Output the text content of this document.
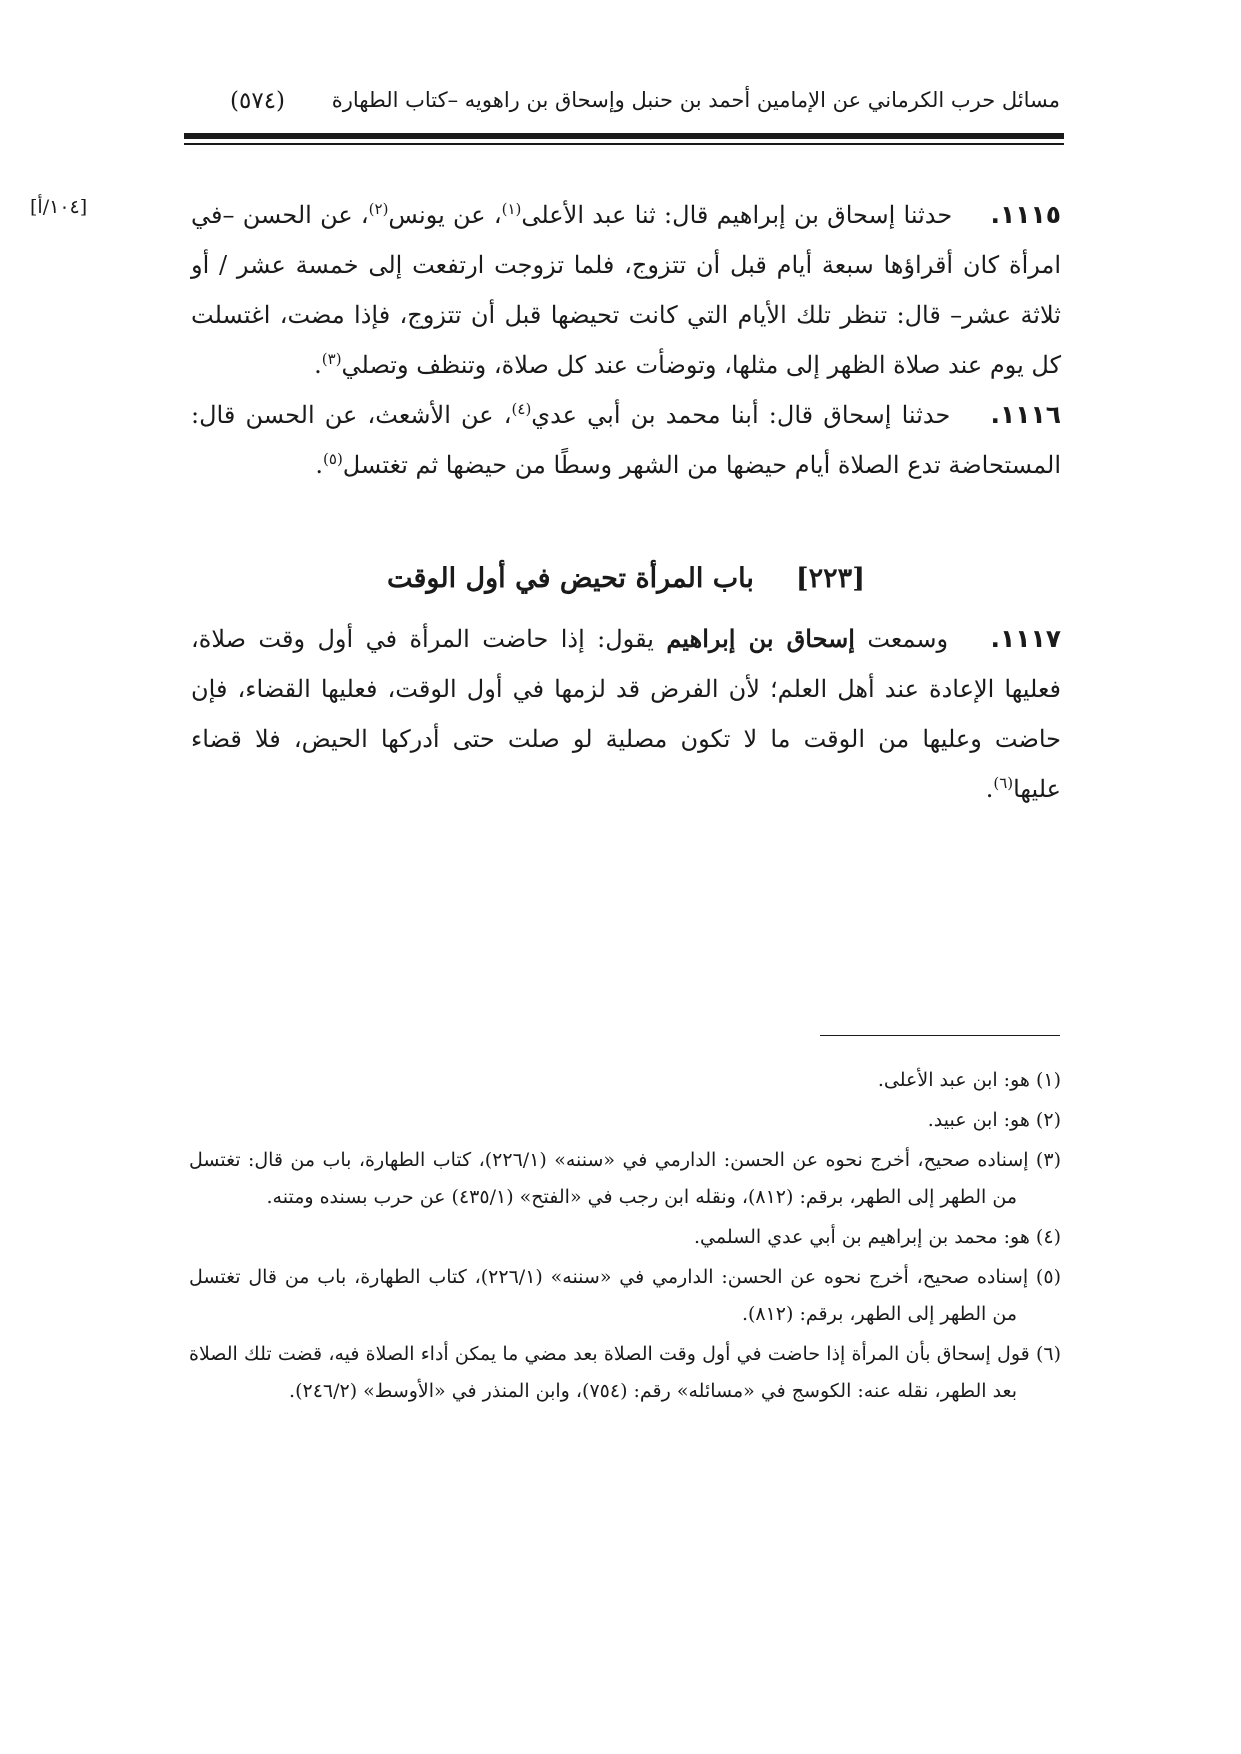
مسائل حرب الكرماني عن الإمامين أحمد بن حنبل وإسحاق بن راهويه –كتاب الطهارة
(٥٧٤)
[١٠٤/أ]	١١١٥. حدثنا إسحاق بن إبراهيم قال: ثنا عبد الأعلى$^{(١)}$، عن يونس$^{(٢)}$، عن الحسن –في امرأة كان أقراؤها سبعة أيام قبل أن تتزوج، فلما تزوجت ارتفعت إلى خمسة عشر / أو ثلاثة عشر– قال: تنظر تلك الأيام التي كانت تحيضها قبل أن تتزوج، فإذا مضت، اغتسلت كل يوم عند صلاة الظهر إلى مثلها، وتوضأت عند كل صلاة، وتنظف وتصلي$^{(٣)}$.

١١١٦. حدثنا إسحاق قال: أبنا محمد بن أبي عدي$^{(٤)}$، عن الأشعث، عن الحسن قال: المستحاضة تدع الصلاة أيام حيضها من الشهر وسطًا من حيضها ثم تغتسل$^{(٥)}$.

[٢٢٣]باب المرأة تحيض في أول الوقت

١١١٧. وسمعت إسحاق بن إبراهيم يقول: إذا حاضت المرأة في أول وقت صلاة، فعليها الإعادة عند أهل العلم؛ لأن الفرض قد لزمها في أول الوقت، فعليها القضاء، فإن حاضت وعليها من الوقت ما لا تكون مصلية لو صلت حتى أدركها الحيض، فلا قضاء عليها$^{(٦)}$.

(١) هو: ابن عبد الأعلى.

(٢) هو: ابن عبيد.

(٣) إسناده صحيح، أخرج نحوه عن الحسن: الدارمي في «سننه» (٢٢٦/١)، كتاب الطهارة، باب من قال: تغتسل من الطهر إلى الطهر، برقم: (٨١٢)، ونقله ابن رجب في «الفتح» (٤٣٥/١) عن حرب بسنده ومتنه.

(٤) هو: محمد بن إبراهيم بن أبي عدي السلمي.

(٥) إسناده صحيح، أخرج نحوه عن الحسن: الدارمي في «سننه» (٢٢٦/١)، كتاب الطهارة، باب من قال تغتسل من الطهر إلى الطهر، برقم: (٨١٢).

(٦) قول إسحاق بأن المرأة إذا حاضت في أول وقت الصلاة بعد مضي ما يمكن أداء الصلاة فيه، قضت تلك الصلاة بعد الطهر، نقله عنه: الكوسج في «مسائله» رقم: (٧٥٤)، وابن المنذر في «الأوسط» (٢٤٦/٢).
